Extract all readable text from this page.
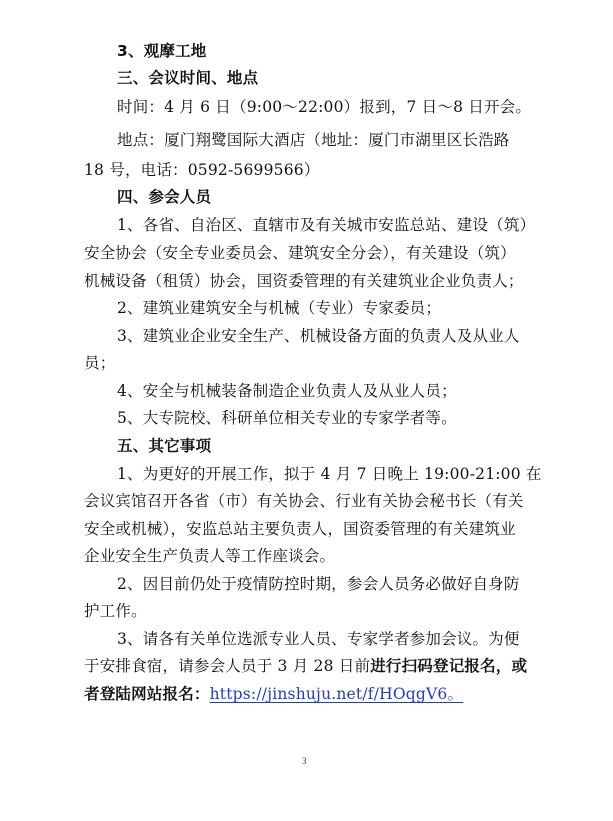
3、观摩工地
三、会议时间、地点
时间：4 月 6 日（9:00～22:00）报到，7 日～8 日开会。
地点：厦门翔鹭国际大酒店（地址：厦门市湖里区长浩路
18 号，电话：0592-5699566）
四、参会人员
1、各省、自治区、直辖市及有关城市安监总站、建设（筑）
安全协会（安全专业委员会、建筑安全分会），有关建设（筑）
机械设备（租赁）协会，国资委管理的有关建筑业企业负责人；
2、建筑业建筑安全与机械（专业）专家委员；
3、建筑业企业安全生产、机械设备方面的负责人及从业人
员；
4、安全与机械装备制造企业负责人及从业人员；
5、大专院校、科研单位相关专业的专家学者等。
五、其它事项
1、为更好的开展工作，拟于 4 月 7 日晚上 19:00-21:00 在
会议宾馆召开各省（市）有关协会、行业有关协会秘书长（有关
安全或机械），安监总站主要负责人，国资委管理的有关建筑业
企业安全生产负责人等工作座谈会。
2、因目前仍处于疫情防控时期，参会人员务必做好自身防
护工作。
3、请各有关单位选派专业人员、专家学者参加会议。为便
于安排食宿，请参会人员于 3 月 28 日前进行扫码登记报名，或
者登陆网站报名：https://jinshuju.net/f/HOqgV6。
3
